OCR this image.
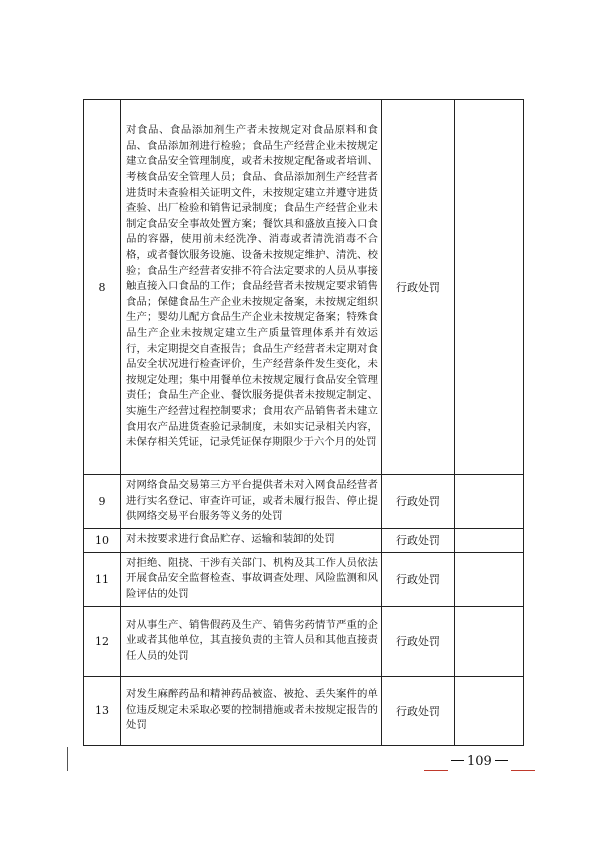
8	对食品、食品添加剂生产者未按规定对食品原料和食品、食品添加剂进行检验；食品生产经营企业未按规定建立食品安全管理制度，或者未按规定配备或者培训、考核食品安全管理人员；食品、食品添加剂生产经营者进货时未查验相关证明文件，未按规定建立并遵守进货查验、出厂检验和销售记录制度；食品生产经营企业未制定食品安全事故处置方案；餐饮具和盛放直接入口食品的容器，使用前未经洗净、消毒或者清洗消毒不合格，或者餐饮服务设施、设备未按规定维护、清洗、校验；食品生产经营者安排不符合法定要求的人员从事接触直接入口食品的工作；食品经营者未按规定要求销售食品；保健食品生产企业未按规定备案，未按规定组织生产；婴幼儿配方食品生产企业未按规定备案；特殊食品生产企业未按规定建立生产质量管理体系并有效运行，未定期提交自查报告；食品生产经营者未定期对食品安全状况进行检查评价，生产经营条件发生变化，未按规定处理；集中用餐单位未按规定履行食品安全管理责任；食品生产企业、餐饮服务提供者未按规定制定、实施生产经营过程控制要求；食用农产品销售者未建立食用农产品进货查验记录制度，未如实记录相关内容，未保存相关凭证，记录凭证保存期限少于六个月的处罚	行政处罚	
9	对网络食品交易第三方平台提供者未对入网食品经营者进行实名登记、审查许可证，或者未履行报告、停止提供网络交易平台服务等义务的处罚	行政处罚	
10	对未按要求进行食品贮存、运输和装卸的处罚	行政处罚	
11	对拒绝、阻挠、干涉有关部门、机构及其工作人员依法开展食品安全监督检查、事故调查处理、风险监测和风险评估的处罚	行政处罚	
12	对从事生产、销售假药及生产、销售劣药情节严重的企业或者其他单位，其直接负责的主管人员和其他直接责任人员的处罚	行政处罚	
13	对发生麻醉药品和精神药品被盗、被抢、丢失案件的单位违反规定未采取必要的控制措施或者未按规定报告的处罚	行政处罚	
109
